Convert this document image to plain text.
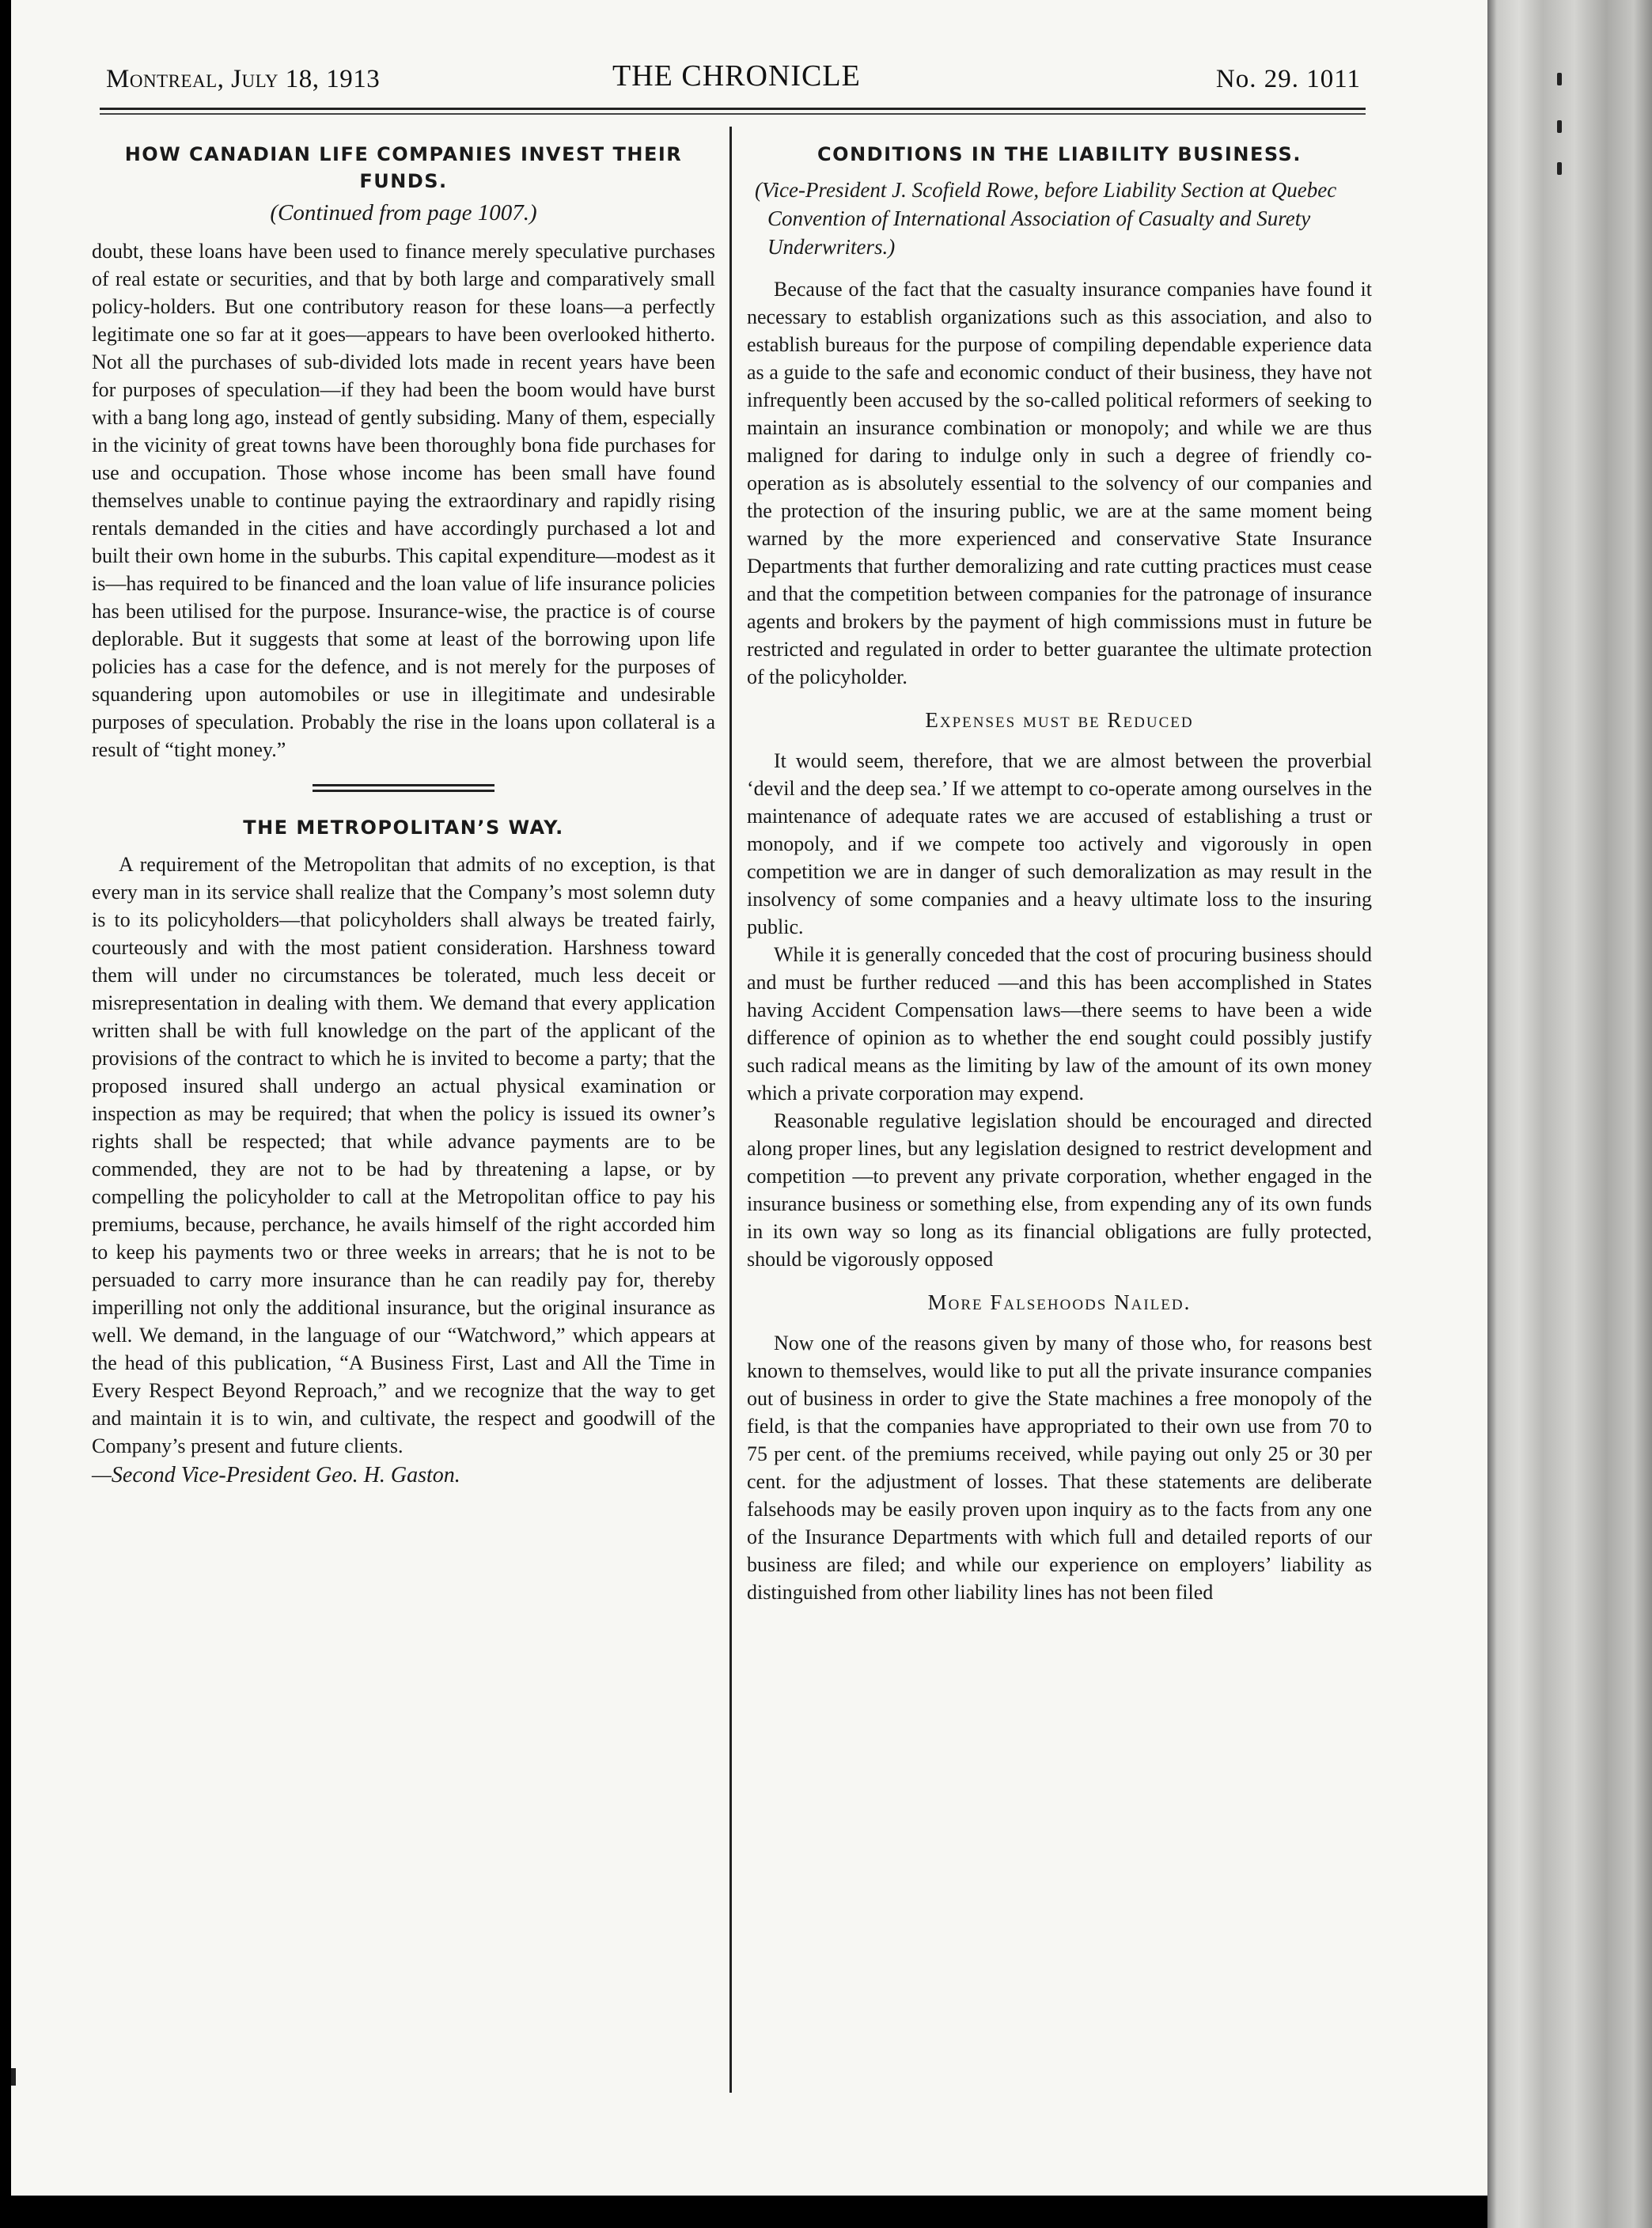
Montreal, July 18, 1913	THE CHRONICLE	No. 29. 1011
HOW CANADIAN LIFE COMPANIES INVEST THEIR FUNDS.
(Continued from page 1007.)

doubt, these loans have been used to finance merely speculative purchases of real estate or securities, and that by both large and comparatively small policy-holders. But one contributory reason for these loans—a perfectly legitimate one so far at it goes—appears to have been overlooked hitherto. Not all the purchases of sub-divided lots made in recent years have been for purposes of speculation—if they had been the boom would have burst with a bang long ago, instead of gently subsiding. Many of them, especially in the vicinity of great towns have been thoroughly bona fide purchases for use and occupation. Those whose income has been small have found themselves unable to continue paying the extraordinary and rapidly rising rentals demanded in the cities and have accordingly purchased a lot and built their own home in the suburbs. This capital expenditure—modest as it is—has required to be financed and the loan value of life insurance policies has been utilised for the purpose. Insurance-wise, the practice is of course deplorable. But it suggests that some at least of the borrowing upon life policies has a case for the defence, and is not merely for the purposes of squandering upon automobiles or use in illegitimate and undesirable purposes of speculation. Probably the rise in the loans upon collateral is a result of “tight money.”

THE METROPOLITAN’S WAY.

A requirement of the Metropolitan that admits of no exception, is that every man in its service shall realize that the Company’s most solemn duty is to its policyholders—that policyholders shall always be treated fairly, courteously and with the most patient consideration. Harshness toward them will under no circumstances be tolerated, much less deceit or misrepresentation in dealing with them. We demand that every application written shall be with full knowledge on the part of the applicant of the provisions of the contract to which he is invited to become a party; that the proposed insured shall undergo an actual physical examination or inspection as may be required; that when the policy is issued its owner’s rights shall be respected; that while advance payments are to be commended, they are not to be had by threatening a lapse, or by compelling the policyholder to call at the Metropolitan office to pay his premiums, because, perchance, he avails himself of the right accorded him to keep his payments two or three weeks in arrears; that he is not to be persuaded to carry more insurance than he can readily pay for, thereby imperilling not only the additional insurance, but the original insurance as well. We demand, in the language of our “Watchword,” which appears at the head of this publication, “A Business First, Last and All the Time in Every Respect Beyond Reproach,” and we recognize that the way to get and maintain it is to win, and cultivate, the respect and goodwill of the Company’s present and future clients.

—Second Vice-President Geo. H. Gaston.

CONDITIONS IN THE LIABILITY BUSINESS.
(Vice-President J. Scofield Rowe, before Liability Section at Quebec Convention of International Association of Casualty and Surety Underwriters.)

Because of the fact that the casualty insurance companies have found it necessary to establish organizations such as this association, and also to establish bureaus for the purpose of compiling dependable experience data as a guide to the safe and economic conduct of their business, they have not infrequently been accused by the so-called political reformers of seeking to maintain an insurance combination or monopoly; and while we are thus maligned for daring to indulge only in such a degree of friendly co-operation as is absolutely essential to the solvency of our companies and the protection of the insuring public, we are at the same moment being warned by the more experienced and conservative State Insurance Departments that further demoralizing and rate cutting practices must cease and that the competition between companies for the patronage of insurance agents and brokers by the payment of high commissions must in future be restricted and regulated in order to better guarantee the ultimate protection of the policyholder.

Expenses must be Reduced

It would seem, therefore, that we are almost between the proverbial ‘devil and the deep sea.’ If we attempt to co-operate among ourselves in the maintenance of adequate rates we are accused of establishing a trust or monopoly, and if we compete too actively and vigorously in open competition we are in danger of such demoralization as may result in the insolvency of some companies and a heavy ultimate loss to the insuring public.

While it is generally conceded that the cost of procuring business should and must be further reduced —and this has been accomplished in States having Accident Compensation laws—there seems to have been a wide difference of opinion as to whether the end sought could possibly justify such radical means as the limiting by law of the amount of its own money which a private corporation may expend.

Reasonable regulative legislation should be encouraged and directed along proper lines, but any legislation designed to restrict development and competition —to prevent any private corporation, whether engaged in the insurance business or something else, from expending any of its own funds in its own way so long as its financial obligations are fully protected, should be vigorously opposed

More Falsehoods Nailed.

Now one of the reasons given by many of those who, for reasons best known to themselves, would like to put all the private insurance companies out of business in order to give the State machines a free monopoly of the field, is that the companies have appropriated to their own use from 70 to 75 per cent. of the premiums received, while paying out only 25 or 30 per cent. for the adjustment of losses. That these statements are deliberate falsehoods may be easily proven upon inquiry as to the facts from any one of the Insurance Departments with which full and detailed reports of our business are filed; and while our experience on employers’ liability as distinguished from other liability lines has not been filed
